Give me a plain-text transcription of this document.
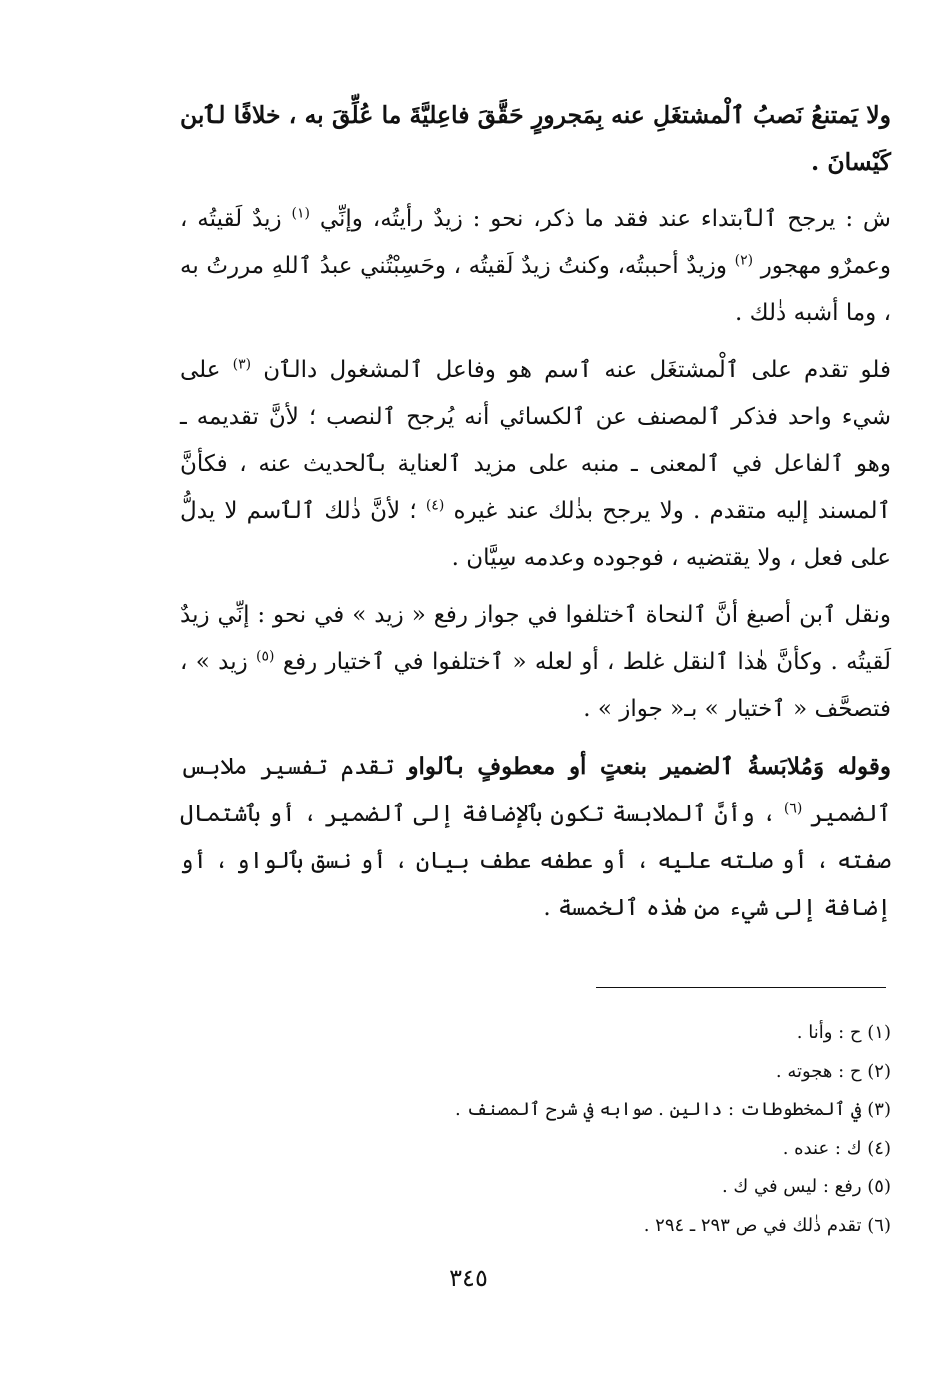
ولا يَمتنعُ نَصبُ ٱلْمشتغَلِ عنه بِمَجرورٍ حَقَّقَ فاعِليَّةَ ما عُلِّقَ به ، خلافًا لٱبن كَيْسانَ .

ش : يرجح ٱلٱبتداء عند فقد ما ذكر، نحو : زيدٌ رأيتُه، وإنِّي $^{(١)}$ زيدٌ لَقيتُه ، وعمرٌو مهجور $^{(٢)}$ وزيدٌ أحببتُه، وكنتُ زيدٌ لَقيتُه ، وحَسِبْتُني عبدُ ٱللهِ مررتُ به ، وما أشبه ذٰلك .

فلو تقدم على ٱلْمشتغَل عنه ٱسم هو وفاعل ٱلمشغول دالٱن $^{(٣)}$ على شيء واحد فذكر ٱلمصنف عن ٱلكسائي أنه يُرجح ٱلنصب ؛ لأنَّ تقديمه ـ وهو ٱلفاعل في ٱلمعنى ـ منبه على مزيد ٱلعناية بٱلحديث عنه ، فكأنَّ ٱلمسند إليه متقدم . ولا يرجح بذٰلك عند غيره $^{(٤)}$ ؛ لأنَّ ذٰلك ٱلٱسم لا يدلُّ على فعل ، ولا يقتضيه ، فوجوده وعدمه سِيَّان .

ونقل ٱبن أصبغ أنَّ ٱلنحاة ٱختلفوا في جواز رفع « زيد » في نحو : إنِّي زيدٌ لَقيتُه . وكأنَّ هٰذا ٱلنقل غلط ، أو لعله « ٱختلفوا في ٱختيار رفع $^{(٥)}$ زيد » ، فتصحَّف « ٱختيار » بـ« جواز » .

وقوله وَمُلابَسةُ ٱلضمير بنعتٍ أو معطوفٍ بٱلواو تقدم تفسير ملابس ٱلضمير $^{(٦)}$ ، وأنَّ ٱلملابسة تكون بٱلإضافة إلى ٱلضمير ، أو بٱشتمال صفته ، أو صلته عليه ، أو عطفه عطف بيان ، أو نسق بٱلواو ، أو إضافة إلى شيء من هٰذه ٱلخمسة .

(١) ح : وأنا .
(٢) ح : هجوته .
(٣) في ٱلمخطوطات : دالين . صوابه في شرح ٱلمصنف .
(٤) ك : عنده .
(٥) رفع : ليس في ك .
(٦) تقدم ذٰلك في ص ٢٩٣ ـ ٢٩٤ .
٣٤٥
